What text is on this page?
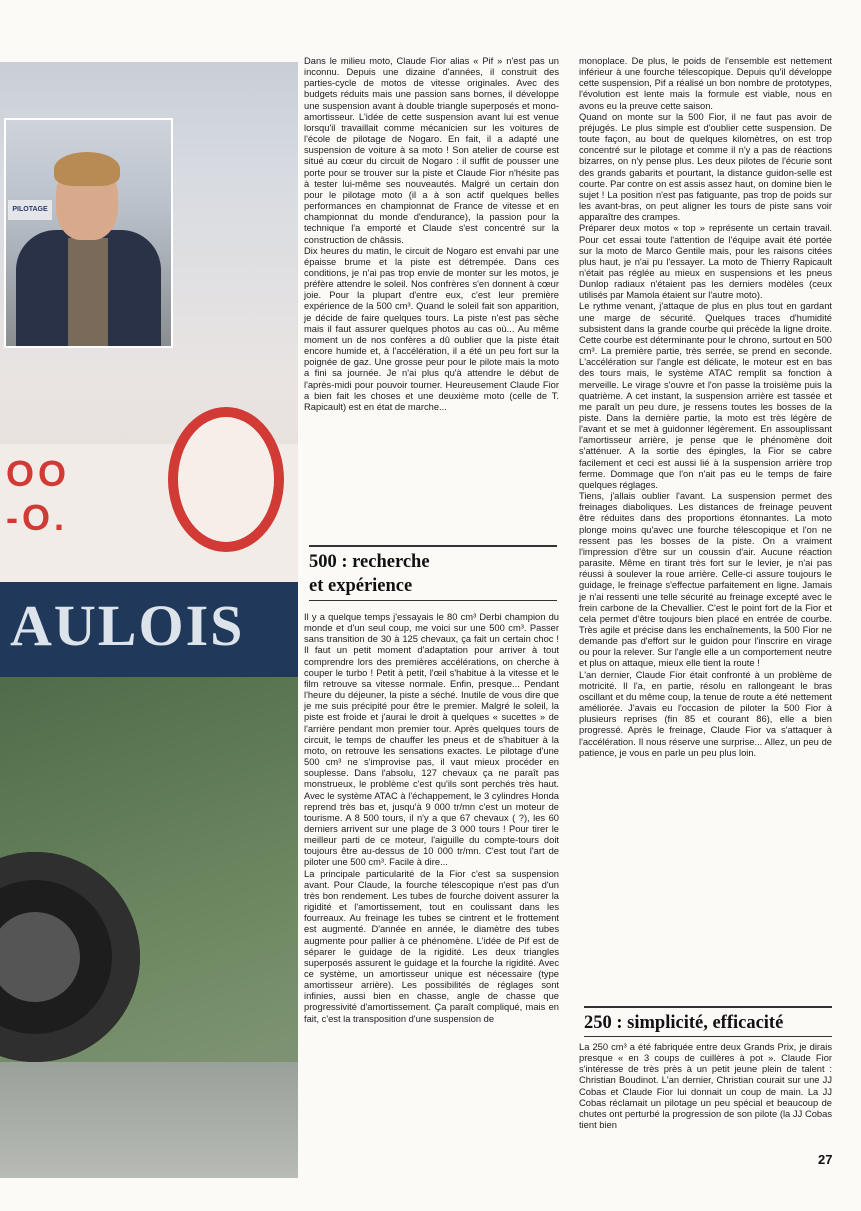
OO
-O.
AULOIS
PILOTAGE

Dans le milieu moto, Claude Fior alias « Pif » n'est pas un inconnu. Depuis une dizaine d'années, il construit des parties-cycle de motos de vitesse originales. Avec des budgets réduits mais une passion sans bornes, il développe une suspension avant à double triangle superposés et mono-amortisseur. L'idée de cette suspension avant lui est venue lorsqu'il travaillait comme mécanicien sur les voitures de l'école de pilotage de Nogaro. En fait, il a adapté une suspension de voiture à sa moto ! Son atelier de course est situé au cœur du circuit de Nogaro : il suffit de pousser une porte pour se trouver sur la piste et Claude Fior n'hésite pas à tester lui-même ses nouveautés. Malgré un certain don pour le pilotage moto (il a à son actif quelques belles performances en championnat de France de vitesse et en championnat du monde d'endurance), la passion pour la technique l'a emporté et Claude s'est concentré sur la construction de châssis.

Dix heures du matin, le circuit de Nogaro est envahi par une épaisse brume et la piste est détrempée. Dans ces conditions, je n'ai pas trop envie de monter sur les motos, je préfère attendre le soleil. Nos confrères s'en donnent à cœur joie. Pour la plupart d'entre eux, c'est leur première expérience de la 500 cm³. Quand le soleil fait son apparition, je décide de faire quelques tours. La piste n'est pas sèche mais il faut assurer quelques photos au cas où... Au même moment un de nos confères a dû oublier que la piste était encore humide et, à l'accélération, il a été un peu fort sur la poignée de gaz. Une grosse peur pour le pilote mais la moto a fini sa journée. Je n'ai plus qu'à attendre le début de l'après-midi pour pouvoir tourner. Heureusement Claude Fior a bien fait les choses et une deuxième moto (celle de T. Rapicault) est en état de marche...

500 : recherche
et expérience

Il y a quelque temps j'essayais le 80 cm³ Derbi champion du monde et d'un seul coup, me voici sur une 500 cm³. Passer sans transition de 30 à 125 chevaux, ça fait un certain choc ! Il faut un petit moment d'adaptation pour arriver à tout comprendre lors des premières accélérations, on cherche à couper le turbo ! Petit à petit, l'œil s'habitue à la vitesse et le film retrouve sa vitesse normale. Enfin, presque... Pendant l'heure du déjeuner, la piste a séché. Inutile de vous dire que je me suis précipité pour être le premier. Malgré le soleil, la piste est froide et j'aurai le droit à quelques « sucettes » de l'arrière pendant mon premier tour. Après quelques tours de circuit, le temps de chauffer les pneus et de s'habituer à la moto, on retrouve les sensations exactes. Le pilotage d'une 500 cm³ ne s'improvise pas, il vaut mieux procéder en souplesse. Dans l'absolu, 127 chevaux ça ne paraît pas monstrueux, le problème c'est qu'ils sont perchés très haut. Avec le système ATAC à l'échappement, le 3 cylindres Honda reprend très bas et, jusqu'à 9 000 tr/mn c'est un moteur de tourisme. A 8 500 tours, il n'y a que 67 chevaux ( ?), les 60 derniers arrivent sur une plage de 3 000 tours ! Pour tirer le meilleur parti de ce moteur, l'aiguille du compte-tours doit toujours être au-dessus de 10 000 tr/mn. C'est tout l'art de piloter une 500 cm³. Facile à dire...

La principale particularité de la Fior c'est sa suspension avant. Pour Claude, la fourche télescopique n'est pas d'un très bon rendement. Les tubes de fourche doivent assurer la rigidité et l'amortissement, tout en coulissant dans les fourreaux. Au freinage les tubes se cintrent et le frottement est augmenté. D'année en année, le diamètre des tubes augmente pour pallier à ce phénomène. L'idée de Pif est de séparer le guidage de la rigidité. Les deux triangles superposés assurent le guidage et la fourche la rigidité. Avec ce système, un amortisseur unique est nécessaire (type amortisseur arrière). Les possibilités de réglages sont infinies, aussi bien en chasse, angle de chasse que progressivité d'amortissement. Ça paraît compliqué, mais en fait, c'est la transposition d'une suspension de

monoplace. De plus, le poids de l'ensemble est nettement inférieur à une fourche télescopique. Depuis qu'il développe cette suspension, Pif a réalisé un bon nombre de prototypes, l'évolution est lente mais la formule est viable, nous en avons eu la preuve cette saison.

Quand on monte sur la 500 Fior, il ne faut pas avoir de préjugés. Le plus simple est d'oublier cette suspension. De toute façon, au bout de quelques kilomètres, on est trop concentré sur le pilotage et comme il n'y a pas de réactions bizarres, on n'y pense plus. Les deux pilotes de l'écurie sont des grands gabarits et pourtant, la distance guidon-selle est courte. Par contre on est assis assez haut, on domine bien le sujet ! La position n'est pas fatiguante, pas trop de poids sur les avant-bras, on peut aligner les tours de piste sans voir apparaître des crampes.

Préparer deux motos « top » représente un certain travail. Pour cet essai toute l'attention de l'équipe avait été portée sur la moto de Marco Gentile mais, pour les raisons citées plus haut, je n'ai pu l'essayer. La moto de Thierry Rapicault n'était pas réglée au mieux en suspensions et les pneus Dunlop radiaux n'étaient pas les derniers modèles (ceux utilisés par Mamola étaient sur l'autre moto).

Le rythme venant, j'attaque de plus en plus tout en gardant une marge de sécurité. Quelques traces d'humidité subsistent dans la grande courbe qui précède la ligne droite. Cette courbe est déterminante pour le chrono, surtout en 500 cm³. La première partie, très serrée, se prend en seconde. L'accélération sur l'angle est délicate, le moteur est en bas des tours mais, le système ATAC remplit sa fonction à merveille. Le virage s'ouvre et l'on passe la troisième puis la quatrième. A cet instant, la suspension arrière est tassée et me paraît un peu dure, je ressens toutes les bosses de la piste. Dans la dernière partie, la moto est très légère de l'avant et se met à guidonner légèrement. En assouplissant l'amortisseur arrière, je pense que le phénomène doit s'atténuer. A la sortie des épingles, la Fior se cabre facilement et ceci est aussi lié à la suspension arrière trop ferme. Dommage que l'on n'ait pas eu le temps de faire quelques réglages.

Tiens, j'allais oublier l'avant. La suspension permet des freinages diaboliques. Les distances de freinage peuvent être réduites dans des proportions étonnantes. La moto plonge moins qu'avec une fourche télescopique et l'on ne ressent pas les bosses de la piste. On a vraiment l'impression d'être sur un coussin d'air. Aucune réaction parasite. Même en tirant très fort sur le levier, je n'ai pas réussi à soulever la roue arrière. Celle-ci assure toujours le guidage, le freinage s'effectue parfaitement en ligne. Jamais je n'ai ressenti une telle sécurité au freinage excepté avec le frein carbone de la Chevallier. C'est le point fort de la Fior et cela permet d'être toujours bien placé en entrée de courbe. Très agile et précise dans les enchaînements, la 500 Fior ne demande pas d'effort sur le guidon pour l'inscrire en virage ou pour la relever. Sur l'angle elle a un comportement neutre et plus on attaque, mieux elle tient la route !

L'an dernier, Claude Fior était confronté à un problème de motricité. Il l'a, en partie, résolu en rallongeant le bras oscillant et du même coup, la tenue de route a été nettement améliorée. J'avais eu l'occasion de piloter la 500 Fior à plusieurs reprises (fin 85 et courant 86), elle a bien progressé. Après le freinage, Claude Fior va s'attaquer à l'accélération. Il nous réserve une surprise... Allez, un peu de patience, je vous en parle un peu plus loin.

250 : simplicité, efficacité

La 250 cm³ a été fabriquée entre deux Grands Prix, je dirais presque « en 3 coups de cuillères à pot ». Claude Fior s'intéresse de très près à un petit jeune plein de talent : Christian Boudinot. L'an dernier, Christian courait sur une JJ Cobas et Claude Fior lui donnait un coup de main. La JJ Cobas réclamait un pilotage un peu spécial et beaucoup de chutes ont perturbé la progression de son pilote (la JJ Cobas tient bien

27
